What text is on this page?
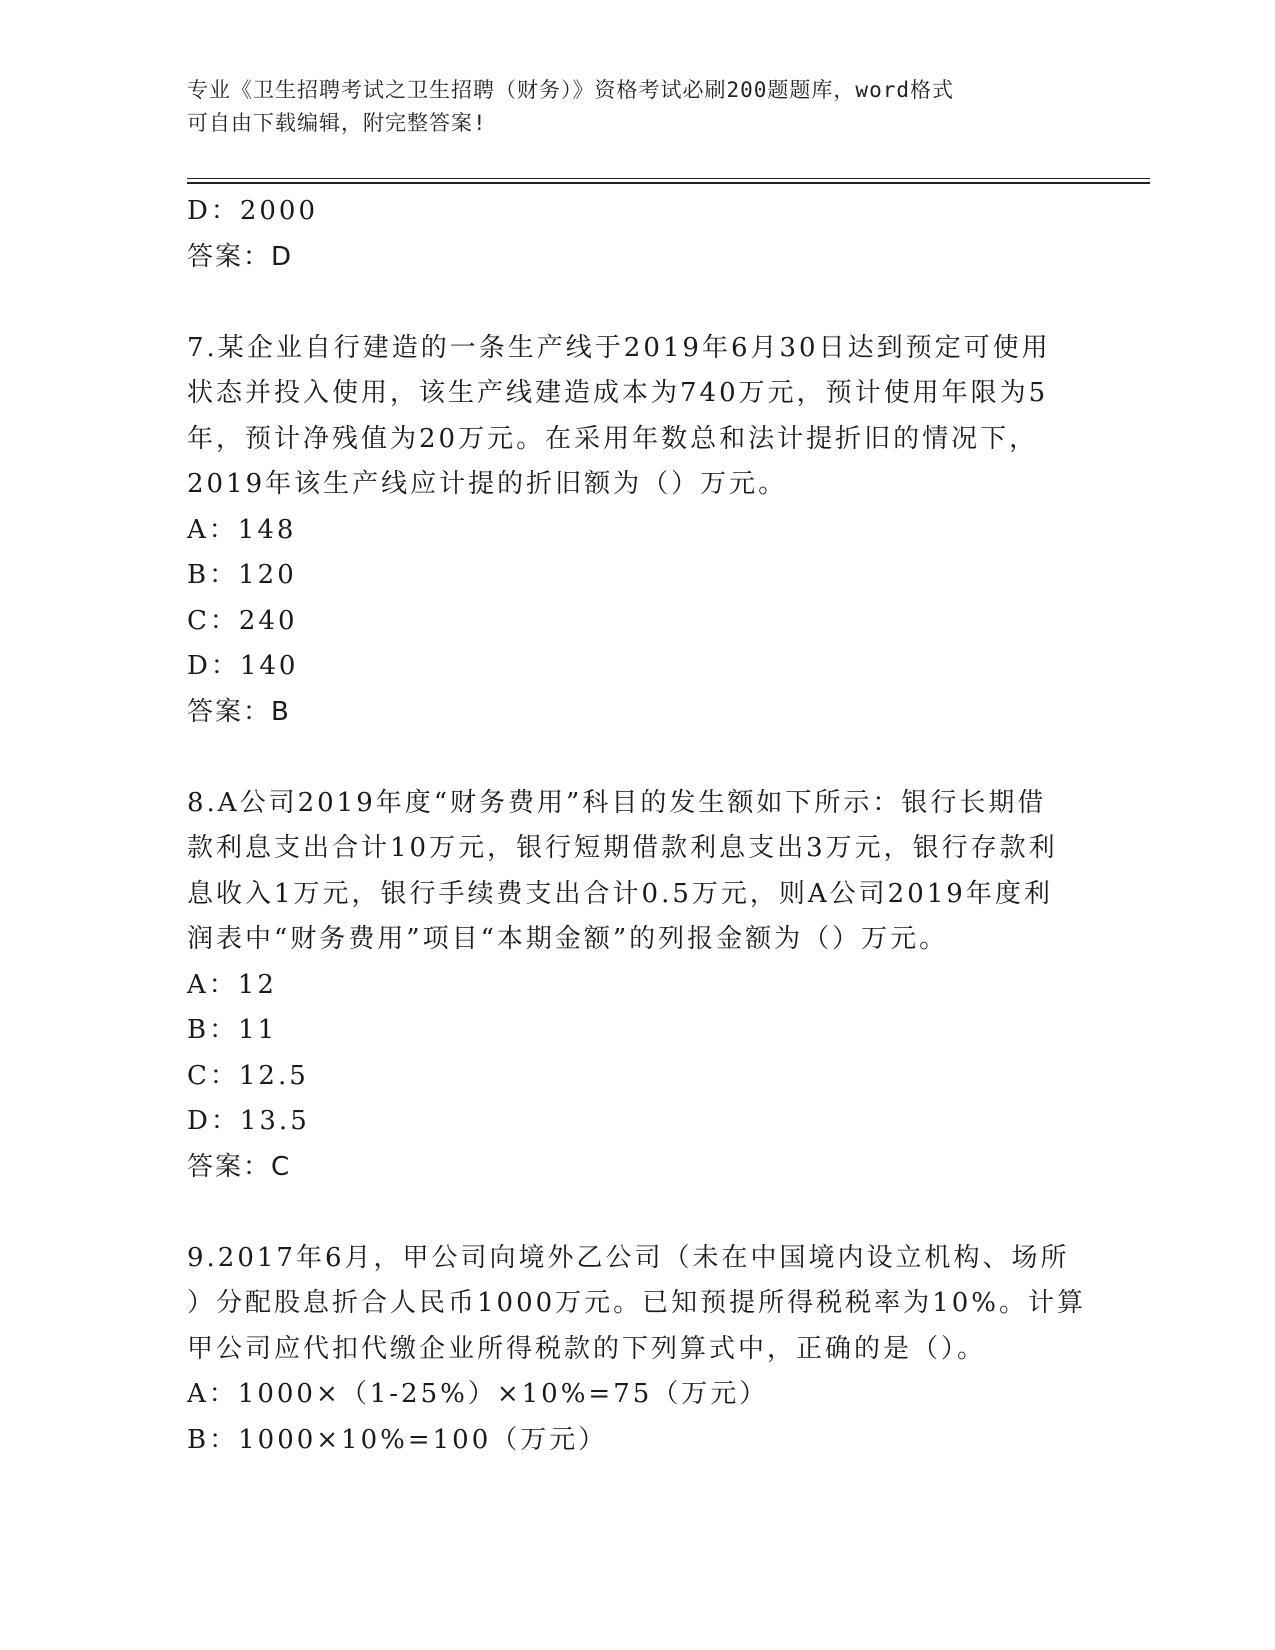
专业《卫生招聘考试之卫生招聘（财务）》资格考试必刷200题题库，word格式
可自由下载编辑，附完整答案!
D：2000
答案：D
7.某企业自行建造的一条生产线于2019年6月30日达到预定可使用
状态并投入使用，该生产线建造成本为740万元，预计使用年限为5
年，预计净残值为20万元。在采用年数总和法计提折旧的情况下，
2019年该生产线应计提的折旧额为（）万元。
A：148
B：120
C：240
D：140
答案：B
8.A公司2019年度“财务费用”科目的发生额如下所示：银行长期借
款利息支出合计10万元，银行短期借款利息支出3万元，银行存款利
息收入1万元，银行手续费支出合计0.5万元，则A公司2019年度利
润表中“财务费用”项目“本期金额”的列报金额为（）万元。
A：12
B：11
C：12.5
D：13.5
答案：C
9.2017年6月，甲公司向境外乙公司（未在中国境内设立机构、场所
）分配股息折合人民币1000万元。已知预提所得税税率为10%。计算
甲公司应代扣代缴企业所得税款的下列算式中，正确的是（）。
A：1000×（1-25%）×10%=75（万元）
B：1000×10%=100（万元）
